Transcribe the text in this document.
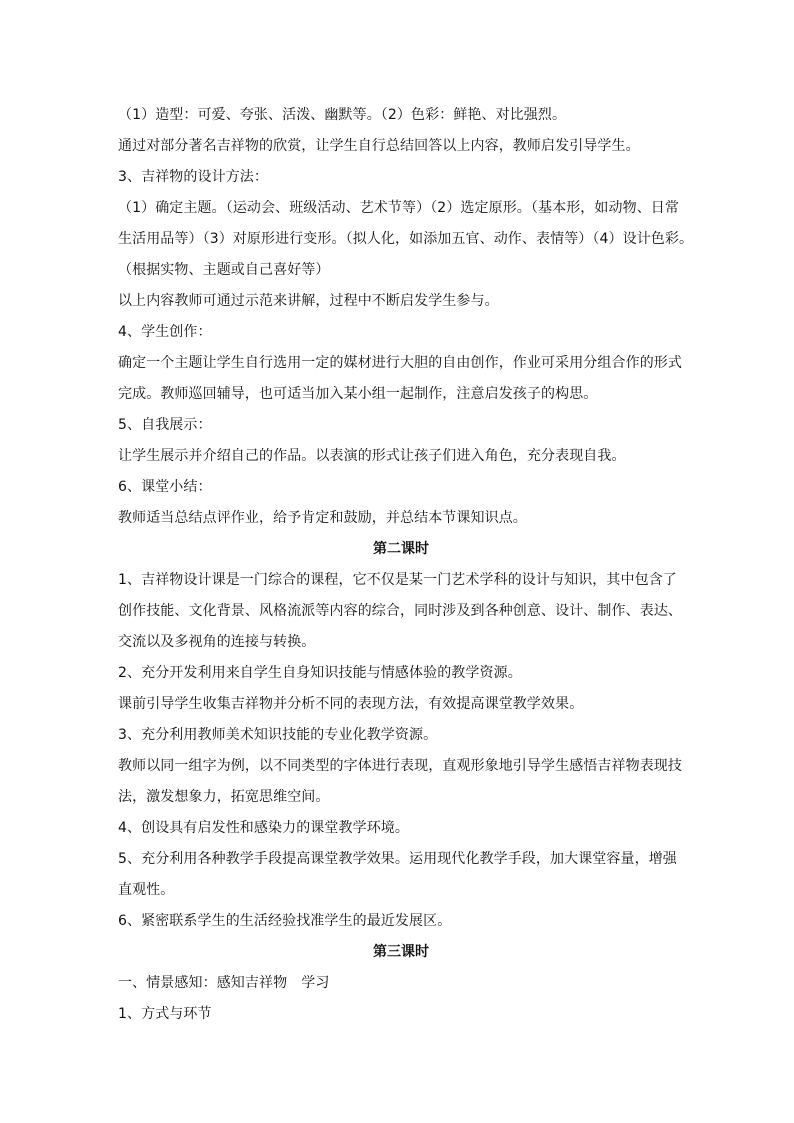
（1）造型：可爱、夸张、活泼、幽默等。（2）色彩：鲜艳、对比强烈。
通过对部分著名吉祥物的欣赏，让学生自行总结回答以上内容，教师启发引导学生。
3、吉祥物的设计方法：
（1）确定主题。（运动会、班级活动、艺术节等）（2）选定原形。（基本形，如动物、日常
生活用品等）（3）对原形进行变形。（拟人化，如添加五官、动作、表情等）（4）设计色彩。
（根据实物、主题或自己喜好等）
以上内容教师可通过示范来讲解，过程中不断启发学生参与。
4、学生创作：
确定一个主题让学生自行选用一定的媒材进行大胆的自由创作，作业可采用分组合作的形式
完成。教师巡回辅导，也可适当加入某小组一起制作，注意启发孩子的构思。
5、自我展示：
让学生展示并介绍自己的作品。以表演的形式让孩子们进入角色，充分表现自我。
6、课堂小结：
教师适当总结点评作业，给予肯定和鼓励，并总结本节课知识点。
第二课时
1、吉祥物设计课是一门综合的课程，它不仅是某一门艺术学科的设计与知识，其中包含了
创作技能、文化背景、风格流派等内容的综合，同时涉及到各种创意、设计、制作、表达、
交流以及多视角的连接与转换。
2、充分开发利用来自学生自身知识技能与情感体验的教学资源。
课前引导学生收集吉祥物并分析不同的表现方法，有效提高课堂教学效果。
3、充分利用教师美术知识技能的专业化教学资源。
教师以同一组字为例，以不同类型的字体进行表现，直观形象地引导学生感悟吉祥物表现技
法，激发想象力，拓宽思维空间。
4、创设具有启发性和感染力的课堂教学环境。
5、充分利用各种教学手段提高课堂教学效果。运用现代化教学手段，加大课堂容量，增强
直观性。
6、紧密联系学生的生活经验找准学生的最近发展区。
第三课时
一、情景感知：感知吉祥物　学习
1、方式与环节
